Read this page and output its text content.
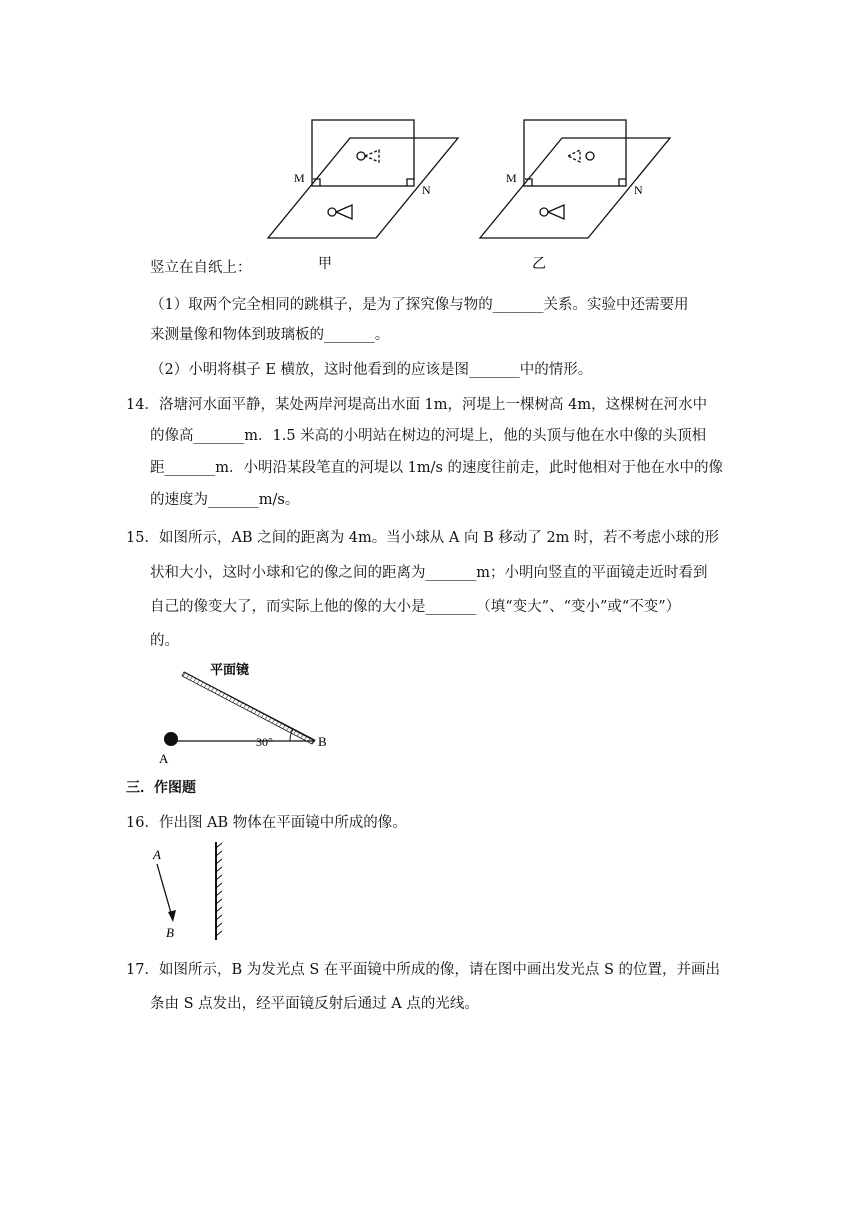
M
N
甲
M
N
乙
竖立在自纸上：
（1）取两个完全相同的跳棋子，是为了探究像与物的_______关系。实验中还需要用
来测量像和物体到玻璃板的_______。
（2）小明将棋子 E 横放，这时他看到的应该是图_______中的情形。
14．洛塘河水面平静，某处两岸河堤高出水面 1m，河堤上一棵树高 4m，这棵树在河水中
的像高_______m．1.5 米高的小明站在树边的河堤上，他的头顶与他在水中像的头顶相
距_______m．小明沿某段笔直的河堤以 1m/s 的速度往前走，此时他相对于他在水中的像
的速度为_______m/s。
15．如图所示，AB 之间的距离为 4m。当小球从 A 向 B 移动了 2m 时，若不考虑小球的形
状和大小，这时小球和它的像之间的距离为_______m；小明向竖直的平面镜走近时看到
自己的像变大了，而实际上他的像的大小是_______（填“变大”、“变小”或“不变”）
的。
平面镜
30°
A
B
三．作图题
16．作出图 AB 物体在平面镜中所成的像。
A
B
17．如图所示，B 为发光点 S 在平面镜中所成的像，请在图中画出发光点 S 的位置，并画出
条由 S 点发出，经平面镜反射后通过 A 点的光线。
